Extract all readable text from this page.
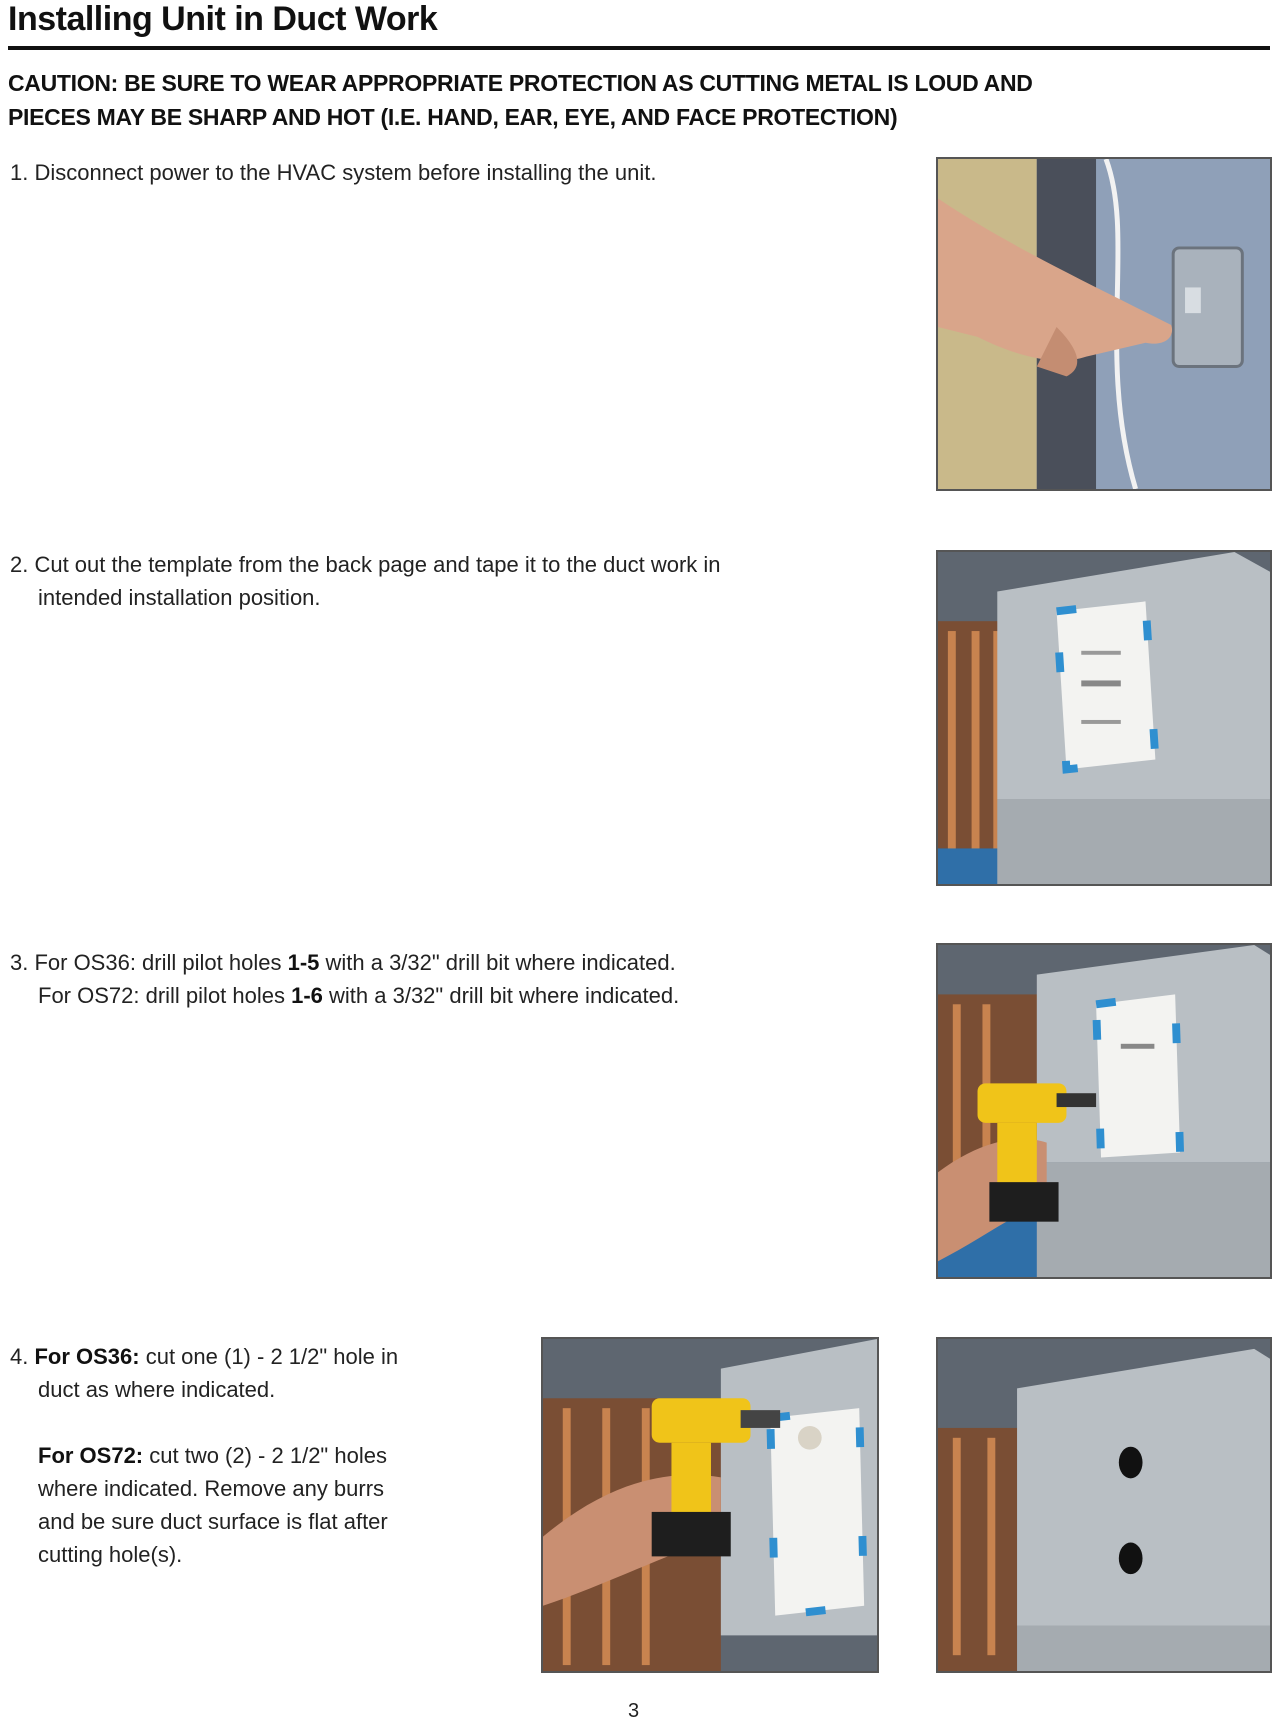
Installing Unit in Duct Work
CAUTION: BE SURE TO WEAR APPROPRIATE PROTECTION AS CUTTING METAL IS LOUD AND
PIECES MAY BE SHARP AND HOT (I.E. HAND, EAR, EYE, AND FACE PROTECTION)
1. Disconnect power to the HVAC system before installing the unit.
2. Cut out the template from the back page and tape it to the duct work in
intended installation position.
3. For OS36: drill pilot holes 1-5 with a 3/32" drill bit where indicated.
For OS72: drill pilot holes 1-6 with a 3/32" drill bit where indicated.
4. For OS36: cut one (1) - 2 1/2" hole in
duct as where indicated.
For OS72: cut two (2) - 2 1/2" holes
where indicated. Remove any burrs
and be sure duct surface is flat after
cutting hole(s).
3
